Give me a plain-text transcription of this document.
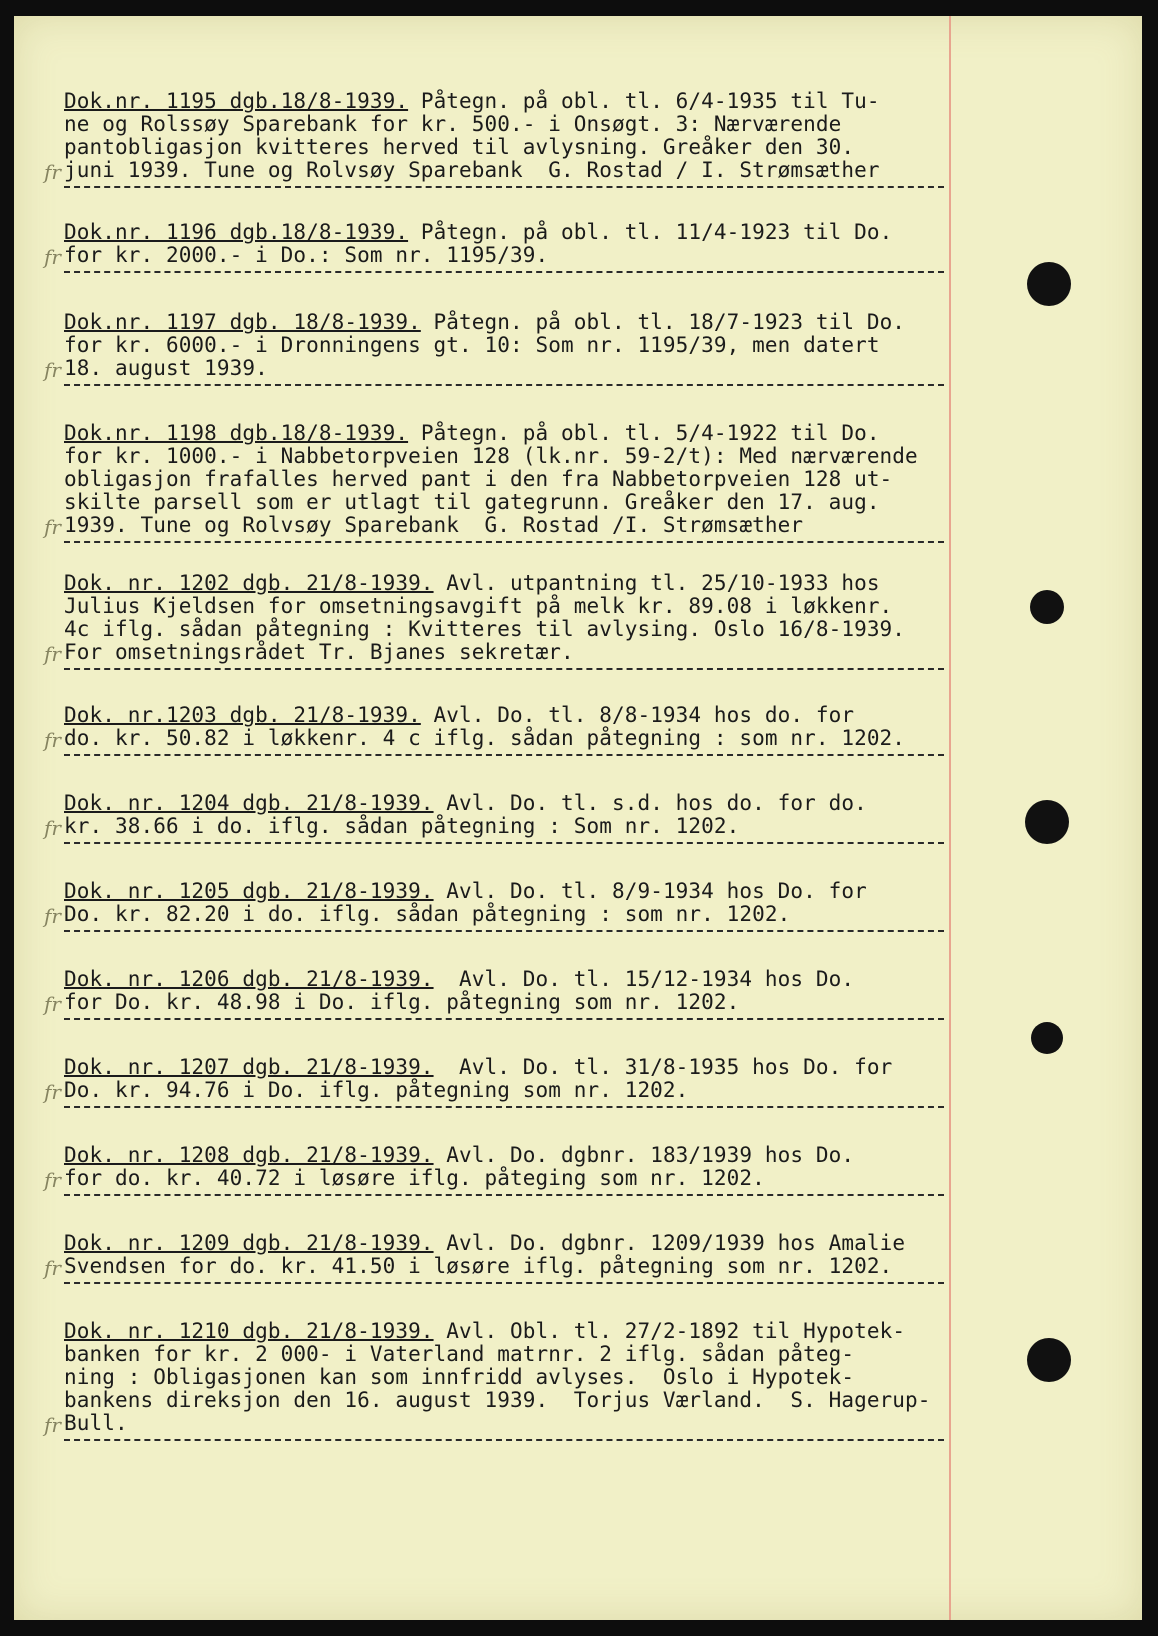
Dok.nr. 1195 dgb.18/8-1939. Påtegn. på obl. tl. 6/4-1935 til Tu-
ne og Rolssøy Sparebank for kr. 500.- i Onsøgt. 3: Nærværende
pantobligasjon kvitteres herved til avlysning. Greåker den 30.
juni 1939. Tune og Rolvsøy Sparebank  G. Rostad / I. Strømsæther
fr
Dok.nr. 1196 dgb.18/8-1939. Påtegn. på obl. tl. 11/4-1923 til Do.
for kr. 2000.- i Do.: Som nr. 1195/39.
fr
Dok.nr. 1197 dgb. 18/8-1939. Påtegn. på obl. tl. 18/7-1923 til Do.
for kr. 6000.- i Dronningens gt. 10: Som nr. 1195/39, men datert
18. august 1939.
fr
Dok.nr. 1198 dgb.18/8-1939. Påtegn. på obl. tl. 5/4-1922 til Do.
for kr. 1000.- i Nabbetorpveien 128 (lk.nr. 59-2/t): Med nærværende
obligasjon frafalles herved pant i den fra Nabbetorpveien 128 ut-
skilte parsell som er utlagt til gategrunn. Greåker den 17. aug.
1939. Tune og Rolvsøy Sparebank  G. Rostad /I. Strømsæther
fr
Dok. nr. 1202 dgb. 21/8-1939. Avl. utpantning tl. 25/10-1933 hos
Julius Kjeldsen for omsetningsavgift på melk kr. 89.08 i løkkenr.
4c iflg. sådan påtegning : Kvitteres til avlysing. Oslo 16/8-1939.
For omsetningsrådet Tr. Bjanes sekretær.
fr
Dok. nr.1203 dgb. 21/8-1939. Avl. Do. tl. 8/8-1934 hos do. for
do. kr. 50.82 i løkkenr. 4 c iflg. sådan påtegning : som nr. 1202.
fr
Dok. nr. 1204 dgb. 21/8-1939. Avl. Do. tl. s.d. hos do. for do.
kr. 38.66 i do. iflg. sådan påtegning : Som nr. 1202.
fr
Dok. nr. 1205 dgb. 21/8-1939. Avl. Do. tl. 8/9-1934 hos Do. for
Do. kr. 82.20 i do. iflg. sådan påtegning : som nr. 1202.
fr
Dok. nr. 1206 dgb. 21/8-1939.  Avl. Do. tl. 15/12-1934 hos Do.
for Do. kr. 48.98 i Do. iflg. påtegning som nr. 1202.
fr
Dok. nr. 1207 dgb. 21/8-1939.  Avl. Do. tl. 31/8-1935 hos Do. for
Do. kr. 94.76 i Do. iflg. påtegning som nr. 1202.
fr
Dok. nr. 1208 dgb. 21/8-1939. Avl. Do. dgbnr. 183/1939 hos Do.
for do. kr. 40.72 i løsøre iflg. påteging som nr. 1202.
fr
Dok. nr. 1209 dgb. 21/8-1939. Avl. Do. dgbnr. 1209/1939 hos Amalie
Svendsen for do. kr. 41.50 i løsøre iflg. påtegning som nr. 1202.
fr
Dok. nr. 1210 dgb. 21/8-1939. Avl. Obl. tl. 27/2-1892 til Hypotek-
banken for kr. 2 000- i Vaterland matrnr. 2 iflg. sådan påteg-
ning : Obligasjonen kan som innfridd avlyses.  Oslo i Hypotek-
bankens direksjon den 16. august 1939.  Torjus Værland.  S. Hagerup-
Bull.
fr
